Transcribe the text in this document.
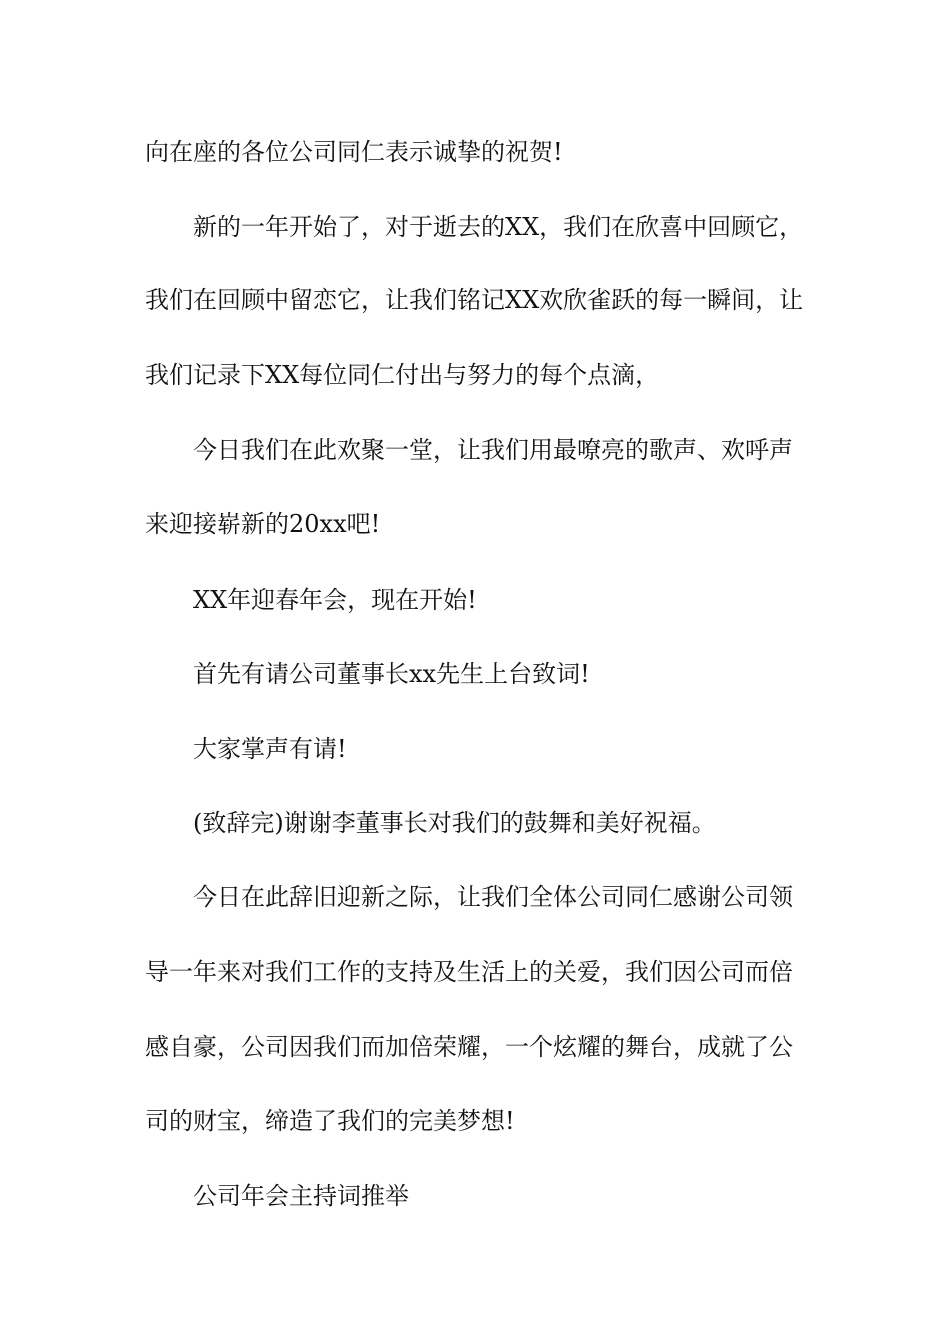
向在座的各位公司同仁表示诚挚的祝贺!
新的一年开始了，对于逝去的XX，我们在欣喜中回顾它，
我们在回顾中留恋它，让我们铭记XX欢欣雀跃的每一瞬间，让
我们记录下XX每位同仁付出与努力的每个点滴，
今日我们在此欢聚一堂，让我们用最嘹亮的歌声、欢呼声
来迎接崭新的20xx吧!
XX年迎春年会，现在开始!
首先有请公司董事长xx先生上台致词!
大家掌声有请!
(致辞完)谢谢李董事长对我们的鼓舞和美好祝福。
今日在此辞旧迎新之际，让我们全体公司同仁感谢公司领
导一年来对我们工作的支持及生活上的关爱，我们因公司而倍
感自豪，公司因我们而加倍荣耀，一个炫耀的舞台，成就了公
司的财宝，缔造了我们的完美梦想!
公司年会主持词推举
